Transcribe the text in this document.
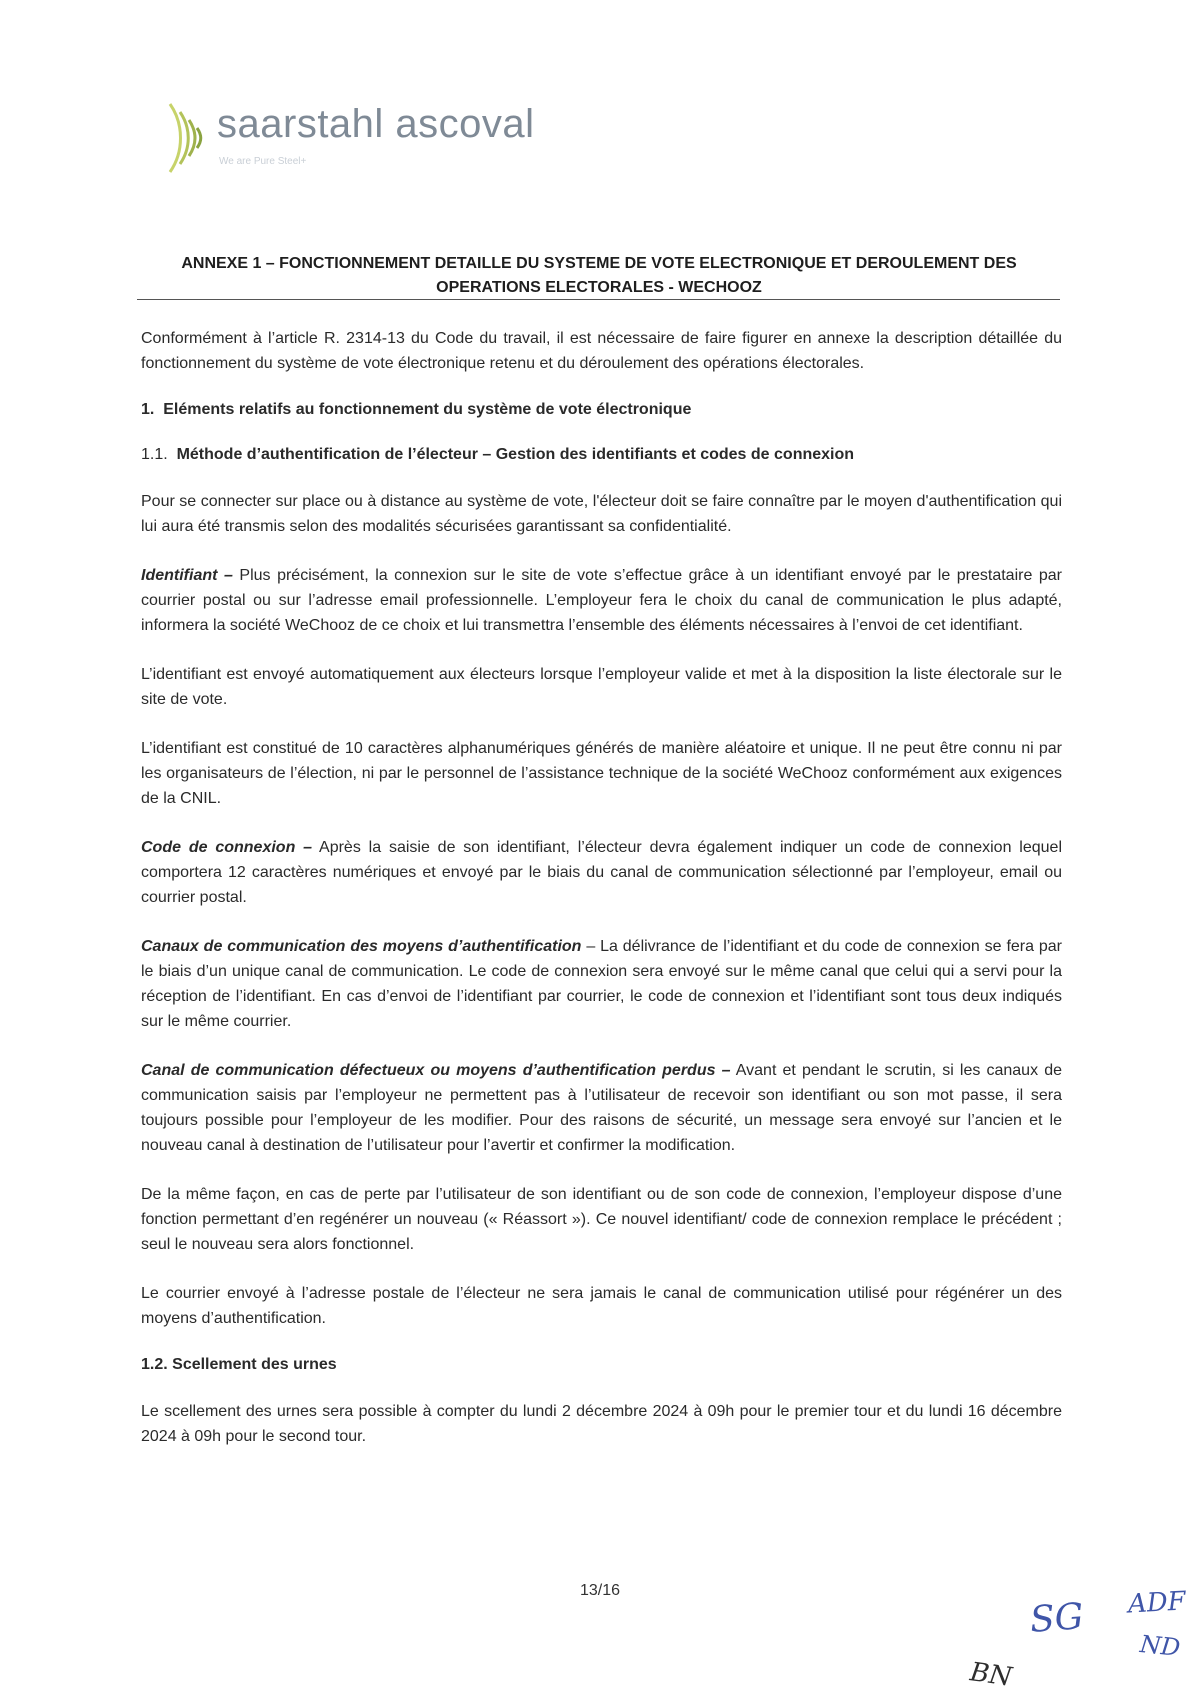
saarstahl ascoval
We are Pure Steel+
ANNEXE 1 – FONCTIONNEMENT DETAILLE DU SYSTEME DE VOTE ELECTRONIQUE ET DEROULEMENT DES
OPERATIONS ELECTORALES - WECHOOZ

Conformément à l’article R. 2314-13 du Code du travail, il est nécessaire de faire figurer en annexe la description détaillée du fonctionnement du système de vote électronique retenu et du déroulement des opérations électorales.

1. Eléments relatifs au fonctionnement du système de vote électronique
1.1. Méthode d’authentification de l’électeur – Gestion des identifiants et codes de connexion

Pour se connecter sur place ou à distance au système de vote, l'électeur doit se faire connaître par le moyen d'authentification qui lui aura été transmis selon des modalités sécurisées garantissant sa confidentialité.

Identifiant – Plus précisément, la connexion sur le site de vote s’effectue grâce à un identifiant envoyé par le prestataire par courrier postal ou sur l’adresse email professionnelle. L’employeur fera le choix du canal de communication le plus adapté, informera la société WeChooz de ce choix et lui transmettra l’ensemble des éléments nécessaires à l’envoi de cet identifiant.

L’identifiant est envoyé automatiquement aux électeurs lorsque l’employeur valide et met à la disposition la liste électorale sur le site de vote.

L’identifiant est constitué de 10 caractères alphanumériques générés de manière aléatoire et unique. Il ne peut être connu ni par les organisateurs de l’élection, ni par le personnel de l’assistance technique de la société WeChooz conformément aux exigences de la CNIL.

Code de connexion – Après la saisie de son identifiant, l’électeur devra également indiquer un code de connexion lequel comportera 12 caractères numériques et envoyé par le biais du canal de communication sélectionné par l’employeur, email ou courrier postal.

Canaux de communication des moyens d’authentification – La délivrance de l’identifiant et du code de connexion se fera par le biais d’un unique canal de communication. Le code de connexion sera envoyé sur le même canal que celui qui a servi pour la réception de l’identifiant. En cas d’envoi de l’identifiant par courrier, le code de connexion et l’identifiant sont tous deux indiqués sur le même courrier.

Canal de communication défectueux ou moyens d’authentification perdus – Avant et pendant le scrutin, si les canaux de communication saisis par l’employeur ne permettent pas à l’utilisateur de recevoir son identifiant ou son mot passe, il sera toujours possible pour l’employeur de les modifier. Pour des raisons de sécurité, un message sera envoyé sur l’ancien et le nouveau canal à destination de l’utilisateur pour l’avertir et confirmer la modification.

De la même façon, en cas de perte par l’utilisateur de son identifiant ou de son code de connexion, l’employeur dispose d’une fonction permettant d’en regénérer un nouveau (« Réassort »). Ce nouvel identifiant/ code de connexion remplace le précédent ; seul le nouveau sera alors fonctionnel.

Le courrier envoyé à l’adresse postale de l’électeur ne sera jamais le canal de communication utilisé pour régénérer un des moyens d’authentification.

1.2. Scellement des urnes

Le scellement des urnes sera possible à compter du lundi 2 décembre 2024 à 09h pour le premier tour et du lundi 16 décembre 2024 à 09h pour le second tour.

13/16
BN
SG ADF
ND
